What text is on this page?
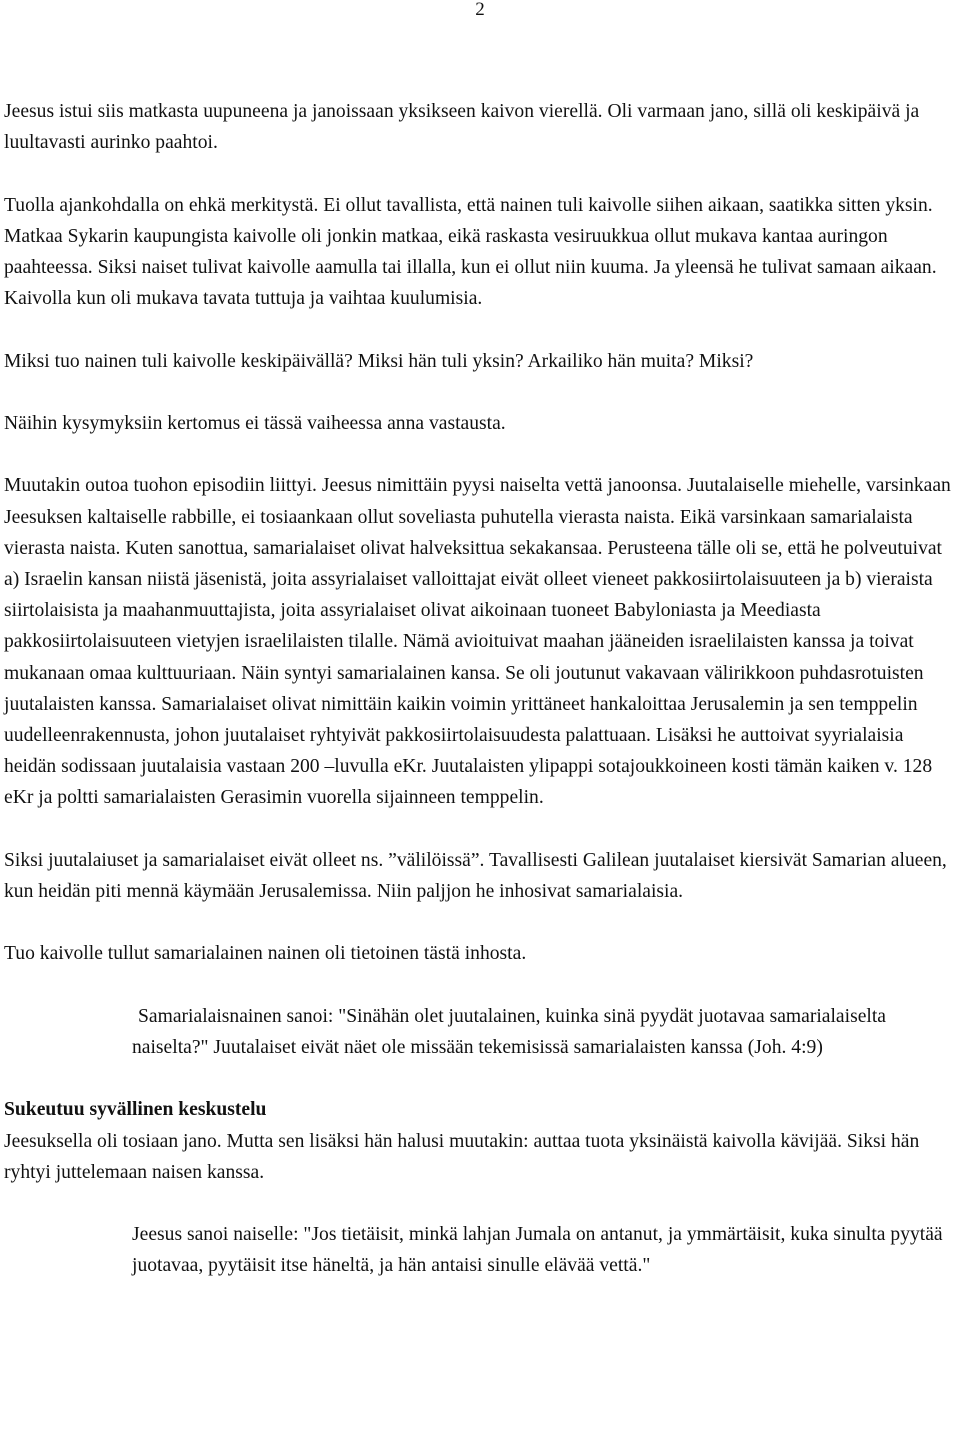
2

Jeesus istui siis matkasta uupuneena ja janoissaan yksikseen kaivon vierellä. Oli varmaan jano, sillä oli keskipäivä ja luultavasti aurinko paahtoi.

Tuolla ajankohdalla on ehkä merkitystä. Ei ollut tavallista, että nainen tuli kaivolle siihen aikaan, saatikka sitten yksin. Matkaa Sykarin kaupungista kaivolle oli jonkin matkaa, eikä raskasta vesiruukkua ollut mukava kantaa auringon paahteessa. Siksi naiset tulivat kaivolle aamulla tai illalla, kun ei ollut niin kuuma. Ja yleensä he tulivat samaan aikaan. Kaivolla kun oli mukava tavata tuttuja ja vaihtaa kuulumisia.

Miksi tuo nainen tuli kaivolle keskipäivällä? Miksi hän tuli yksin? Arkailiko hän muita? Miksi?

Näihin kysymyksiin kertomus ei tässä vaiheessa anna vastausta.

Muutakin outoa tuohon episodiin liittyi. Jeesus nimittäin pyysi naiselta vettä janoonsa. Juutalaiselle miehelle, varsinkaan Jeesuksen kaltaiselle rabbille, ei tosiaankaan ollut soveliasta puhutella vierasta naista. Eikä varsinkaan samarialaista vierasta naista. Kuten sanottua, samarialaiset olivat halveksittua sekakansaa. Perusteena tälle oli se, että he polveutuivat a) Israelin kansan niistä jäsenistä, joita assyrialaiset valloittajat eivät olleet vieneet pakkosiirtolaisuuteen ja b) vieraista siirtolaisista ja maahanmuuttajista, joita assyrialaiset olivat aikoinaan tuoneet Babyloniasta ja Meediasta pakkosiirtolaisuuteen vietyjen israelilaisten tilalle. Nämä avioituivat maahan jääneiden israelilaisten kanssa ja toivat mukanaan omaa kulttuuriaan. Näin syntyi samarialainen kansa. Se oli joutunut vakavaan välirikkoon puhdasrotuisten juutalaisten kanssa. Samarialaiset olivat nimittäin kaikin voimin yrittäneet hankaloittaa Jerusalemin ja sen temppelin uudelleenrakennusta, johon juutalaiset ryhtyivät pakkosiirtolaisuudesta palattuaan. Lisäksi he auttoivat syyrialaisia heidän sodissaan juutalaisia vastaan 200 –luvulla eKr. Juutalaisten ylipappi sotajoukkoineen kosti tämän kaiken v. 128 eKr ja poltti samarialaisten Gerasimin vuorella sijainneen temppelin.

Siksi juutalaiuset ja samarialaiset eivät olleet ns. ”välilöissä”. Tavallisesti Galilean juutalaiset kiersivät Samarian alueen, kun heidän piti mennä käymään Jerusalemissa. Niin paljjon he inhosivat samarialaisia.

Tuo kaivolle tullut samarialainen nainen oli tietoinen tästä inhosta.

Samarialaisnainen sanoi: "Sinähän olet juutalainen, kuinka sinä pyydät juotavaa samarialaiselta naiselta?" Juutalaiset eivät näet ole missään tekemisissä samarialaisten kanssa (Joh. 4:9)

Sukeutuu syvällinen keskustelu

Jeesuksella oli tosiaan jano. Mutta sen lisäksi hän halusi muutakin: auttaa tuota yksinäistä kaivolla kävijää. Siksi hän ryhtyi juttelemaan naisen kanssa.

Jeesus sanoi naiselle: "Jos tietäisit, minkä lahjan Jumala on antanut, ja ymmärtäisit, kuka sinulta pyytää juotavaa, pyytäisit itse häneltä, ja hän antaisi sinulle elävää vettä."
